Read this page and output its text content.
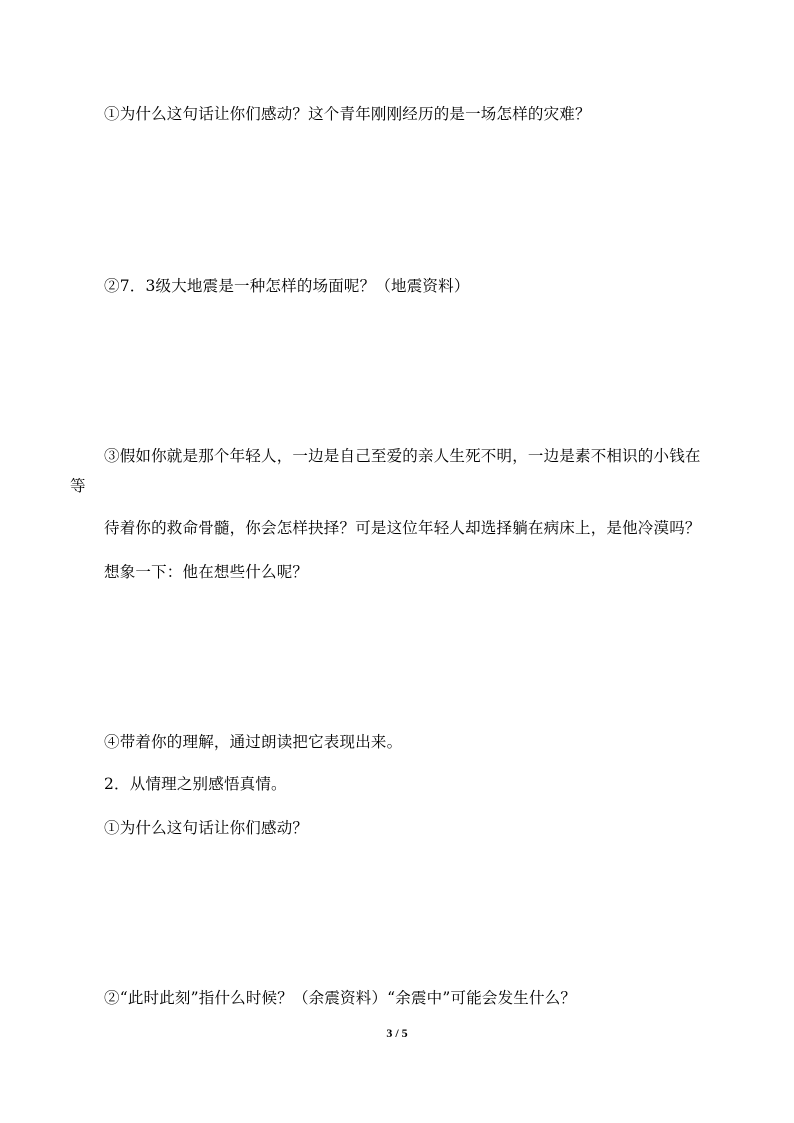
①为什么这句话让你们感动？这个青年刚刚经历的是一场怎样的灾难？
②7．3级大地震是一种怎样的场面呢？（地震资料）
③假如你就是那个年轻人，一边是自己至爱的亲人生死不明，一边是素不相识的小钱在
等
待着你的救命骨髓，你会怎样抉择？可是这位年轻人却选择躺在病床上，是他冷漠吗？
想象一下：他在想些什么呢？
④带着你的理解，通过朗读把它表现出来。
2．从情理之别感悟真情。
①为什么这句话让你们感动？
②“此时此刻”指什么时候？（余震资料）“余震中”可能会发生什么？
3 / 5
